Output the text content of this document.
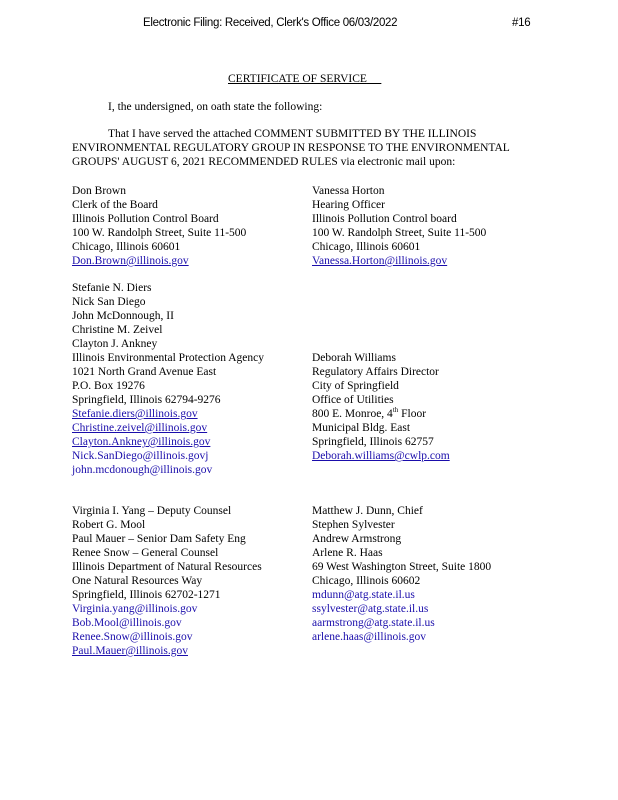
Electronic Filing: Received, Clerk's Office 06/03/2022	#16
CERTIFICATE OF SERVICE
I, the undersigned, on oath state the following:

That I have served the attached COMMENT SUBMITTED BY THE ILLINOIS ENVIRONMENTAL REGULATORY GROUP IN RESPONSE TO THE ENVIRONMENTAL GROUPS' AUGUST 6, 2021 RECOMMENDED RULES via electronic mail upon:

Don Brown
Clerk of the Board
Illinois Pollution Control Board
100 W. Randolph Street, Suite 11-500
Chicago, Illinois 60601
Don.Brown@illinois.gov
Vanessa Horton
Hearing Officer
Illinois Pollution Control board
100 W. Randolph Street, Suite 11-500
Chicago, Illinois 60601
Vanessa.Horton@illinois.gov
Stefanie N. Diers
Nick San Diego
John McDonnough, II
Christine M. Zeivel
Clayton J. Ankney
Illinois Environmental Protection Agency
1021 North Grand Avenue East
P.O. Box 19276
Springfield, Illinois 62794-9276
Stefanie.diers@illinois.gov
Christine.zeivel@illinois.gov
Clayton.Ankney@illinois.gov
Nick.SanDiego@illinois.govj
john.mcdonough@illinois.gov
Deborah Williams
Regulatory Affairs Director
City of Springfield
Office of Utilities
800 E. Monroe, 4th Floor
Municipal Bldg. East
Springfield, Illinois 62757
Deborah.williams@cwlp.com
Virginia I. Yang – Deputy Counsel
Robert G. Mool
Paul Mauer – Senior Dam Safety Eng
Renee Snow – General Counsel
Illinois Department of Natural Resources
One Natural Resources Way
Springfield, Illinois 62702-1271
Virginia.yang@illinois.gov
Bob.Mool@illinois.gov
Renee.Snow@illinois.gov
Paul.Mauer@illinois.gov
Matthew J. Dunn, Chief
Stephen Sylvester
Andrew Armstrong
Arlene R. Haas
69 West Washington Street, Suite 1800
Chicago, Illinois 60602
mdunn@atg.state.il.us
ssylvester@atg.state.il.us
aarmstrong@atg.state.il.us
arlene.haas@illinois.gov
